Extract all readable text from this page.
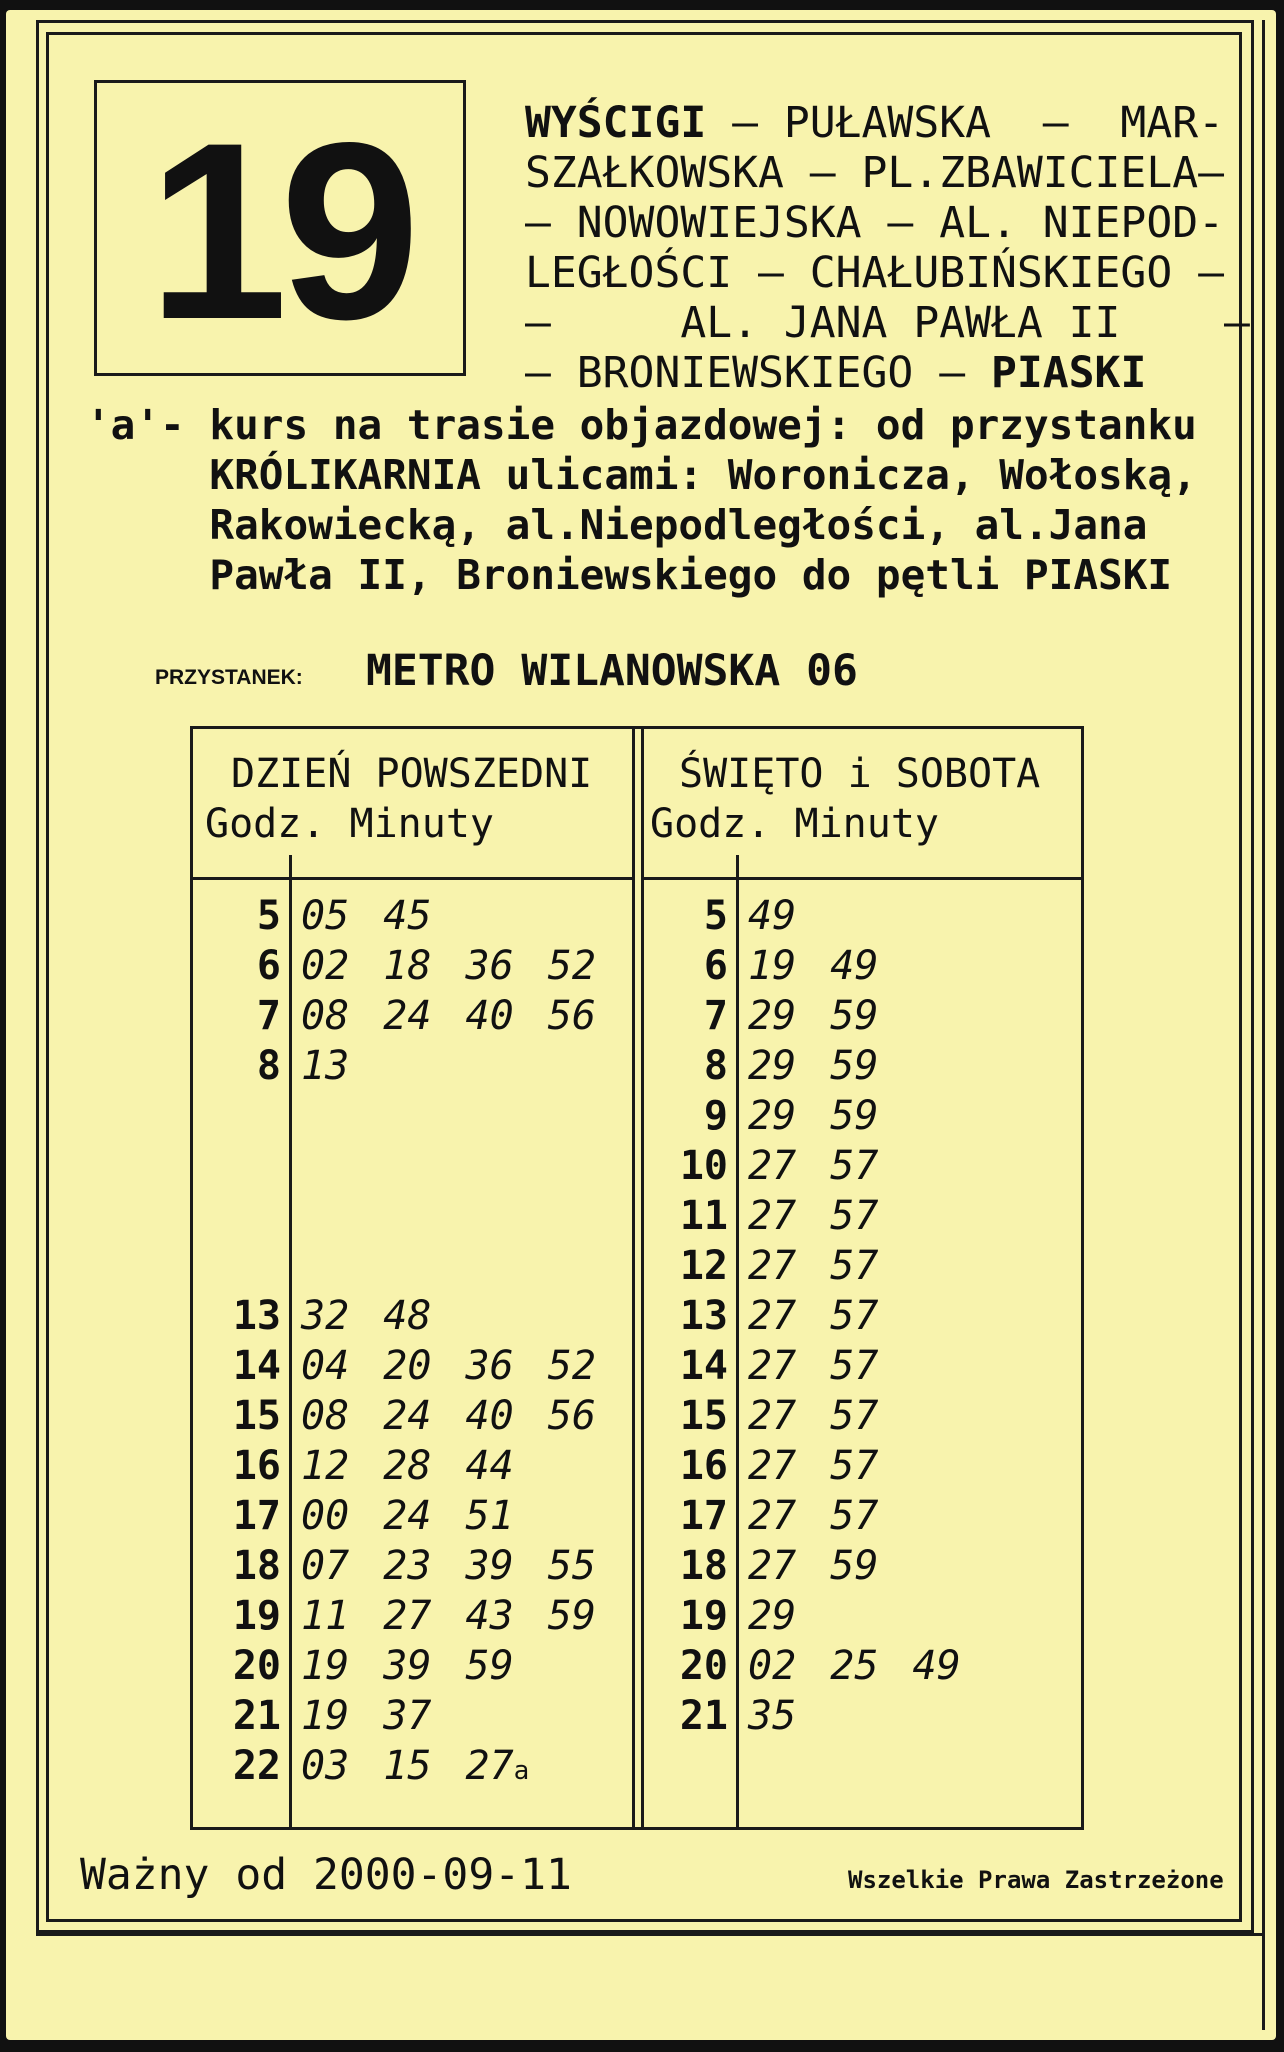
19	WYŚCIGI – PUŁAWSKA  –  MAR-
SZAŁKOWSKA – PL.ZBAWICIELA–
– NOWOWIEJSKA – AL. NIEPOD-
LEGŁOŚCI – CHAŁUBIŃSKIEGO –
–     AL. JANA PAWŁA II    –
– BRONIEWSKIEGO – PIASKI
'a'- kurs na trasie objazdowej: od przystanku
KRÓLIKARNIA ulicami: Woronicza, Wołoską,
Rakowiecką, al.Niepodległości, al.Jana
Pawła II, Broniewskiego do pętli PIASKI
PRZYSTANEK: METRO WILANOWSKA 06
DZIEŃ POWSZEDNI
Godz. Minuty
ŚWIĘTO i SOBOTA
Godz. Minuty
5 05 45
6 02 18 36 52
7 08 24 40 56
8 13
13 32 48
14 04 20 36 52
15 08 24 40 56
16 12 28 44
17 00 24 51
18 07 23 39 55
19 11 27 43 59
20 19 39 59
21 19 37
22 03 15 27a
5 49
6 19 49
7 29 59
8 29 59
9 29 59
10 27 57
11 27 57
12 27 57
13 27 57
14 27 57
15 27 57
16 27 57
17 27 57
18 27 59
19 29
20 02 25 49
21 35
Ważny od 2000-09-11	Wszelkie Prawa Zastrzeżone
